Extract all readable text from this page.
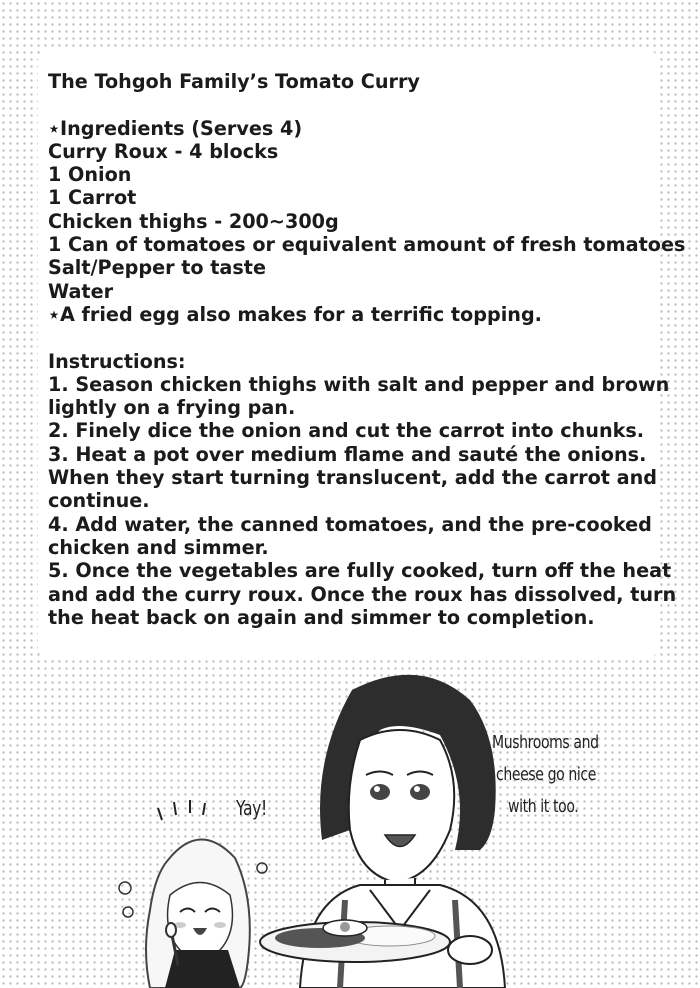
The Tohgoh Family’s Tomato Curry
⋆Ingredients (Serves 4)
Curry Roux - 4 blocks
1 Onion
1 Carrot
Chicken thighs - 200~300g
1 Can of tomatoes or equivalent amount of fresh tomatoes
Salt/Pepper to taste
Water
⋆A fried egg also makes for a terrific topping.
Instructions:
1. Season chicken thighs with salt and pepper and brown
lightly on a frying pan.
2. Finely dice the onion and cut the carrot into chunks.
3. Heat a pot over medium flame and sauté the onions.
When they start turning translucent, add the carrot and
continue.
4. Add water, the canned tomatoes, and the pre-cooked
chicken and simmer.
5. Once the vegetables are fully cooked, turn off the heat
and add the curry roux. Once the roux has dissolved, turn
the heat back on again and simmer to completion.
Yay!
Mushrooms and
cheese go nice
with it too.
